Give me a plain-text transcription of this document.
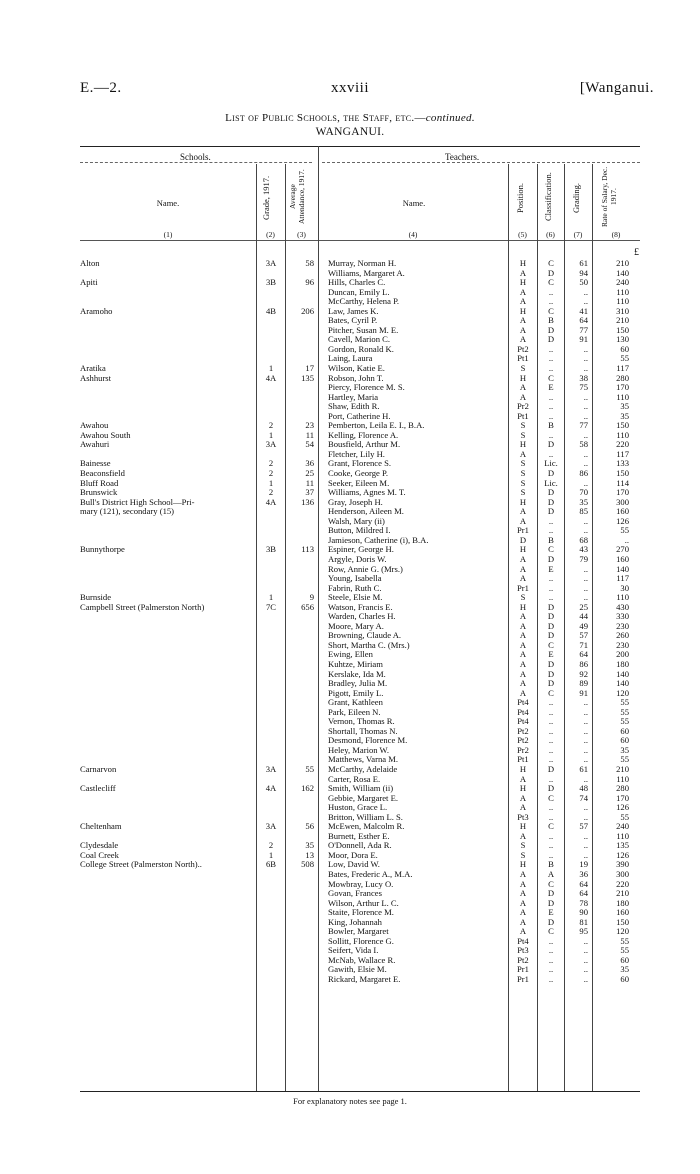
E.—2.	xxviii	[Wanganui.
List of Public Schools, the Staff, etc.—continued.
WANGANUI.
Schools.	Teachers.
Name.	Grade, 1917. Average Attendance, 1917.	Name.	Position. Classification. Grading.	Rate of Salary, Dec. 1917.
(1)	(2)	(3)	(4)	(5)	(6)	(7)	(8)
£
Alton	3A	58 Murray, Norman H.	H	C	61	210
Williams, Margaret A.	A	D	94	140
Apiti	3B	96 Hills, Charles C.	H	C	50	240
Duncan, Emily L.	A	..	..	110
McCarthy, Helena P.	A	..	..	110
Aramoho	4B	206 Law, James K.	H	C	41	310
Bates, Cyril P.	A	B	64	210
Pitcher, Susan M. E.	A	D	77	150
Cavell, Marion C.	A	D	91	130
Gordon, Ronald K.	Pt2	..	..	60
Laing, Laura	Pt1	..	..	55
Aratika	1	17 Wilson, Katie E.	S	..	..	117
Ashhurst	4A	135 Robson, John T.	H	C	38	280
Piercy, Florence M. S.	A	E	75	170
Hartley, Maria	A	..	..	110
Shaw, Edith R.	Pr2	..	..	35
Port, Catherine H.	Pt1	..	..	35
Awahou	2	23 Pemberton, Leila E. I., B.A.	S	B	77	150
Awahou South	1	11 Kelling, Florence A.	S	..	..	110
Awahuri	3A	54 Bousfield, Arthur M.	H	D	58	220
Fletcher, Lily H.	A	..	..	117
Bainesse	2	36 Grant, Florence S.	S	Lic.	..	133
Beaconsfield	2	25 Cooke, George P.	S	D	86	150
Bluff Road	1	11 Seeker, Eileen M.	S	Lic.	..	114
Brunswick	2	37 Williams, Agnes M. T.	S	D	70	170
Bull's District High School—Pri-	4A	136 Gray, Joseph H.	H	D	35	300
mary (121), secondary (15)	Henderson, Aileen M.	A	D	85	160
Walsh, Mary (ii)	A	..	..	126
Button, Mildred I.	Pr1	..	..	55
Jamieson, Catherine (i), B.A.	D	B	68	..
Bunnythorpe	3B	113 Espiner, George H.	H	C	43	270
Argyle, Doris W.	A	D	79	160
Row, Annie G. (Mrs.)	A	E	..	140
Young, Isabella	A	..	..	117
Fabrin, Ruth C.	Pr1	..	..	30
Burnside	1	9 Steele, Elsie M.	S	..	..	110
Campbell Street (Palmerston North)	7C	656 Watson, Francis E.	H	D	25	430
Warden, Charles H.	A	D	44	330
Moore, Mary A.	A	D	49	230
Browning, Claude A.	A	D	57	260
Short, Martha C. (Mrs.)	A	C	71	230
Ewing, Ellen	A	E	64	200
Kuhtze, Miriam	A	D	86	180
Kerslake, Ida M.	A	D	92	140
Bradley, Julia M.	A	D	89	140
Pigott, Emily L.	A	C	91	120
Grant, Kathleen	Pt4	..	..	55
Park, Eileen N.	Pt4	..	..	55
Vernon, Thomas R.	Pt4	..	..	55
Shortall, Thomas N.	Pt2	..	..	60
Desmond, Florence M.	Pt2	..	..	60
Heley, Marion W.	Pr2	..	..	35
Matthews, Varna M.	Pt1	..	..	55
Carnarvon	3A	55 McCarthy, Adelaide	H	D	61	210
Carter, Rosa E.	A	..	..	110
Castlecliff	4A	162 Smith, William (ii)	H	D	48	280
Gebbie, Margaret E.	A	C	74	170
Huston, Grace L.	A	..	..	126
Britton, William L. S.	Pt3	..	..	55
Cheltenham	3A	56 McEwen, Malcolm R.	H	C	57	240
Burnett, Esther E.	A	..	..	110
Clydesdale	2	35 O'Donnell, Ada R.	S	..	..	135
Coal Creek	1	13 Moor, Dora E.	S	..	..	126
College Street (Palmerston North)..	6B	508 Low, David W.	H	B	19	390
Bates, Frederic A., M.A.	A	A	36	300
Mowbray, Lucy O.	A	C	64	220
Govan, Frances	A	D	64	210
Wilson, Arthur L. C.	A	D	78	180
Staite, Florence M.	A	E	90	160
King, Johannah	A	D	81	150
Bowler, Margaret	A	C	95	120
Sollitt, Florence G.	Pt4	..	..	55
Seifert, Vida I.	Pt3	..	..	55
McNab, Wallace R.	Pt2	..	..	60
Gawith, Elsie M.	Pr1	..	..	35
Rickard, Margaret E.	Pr1	..	..	60
For explanatory notes see page 1.
